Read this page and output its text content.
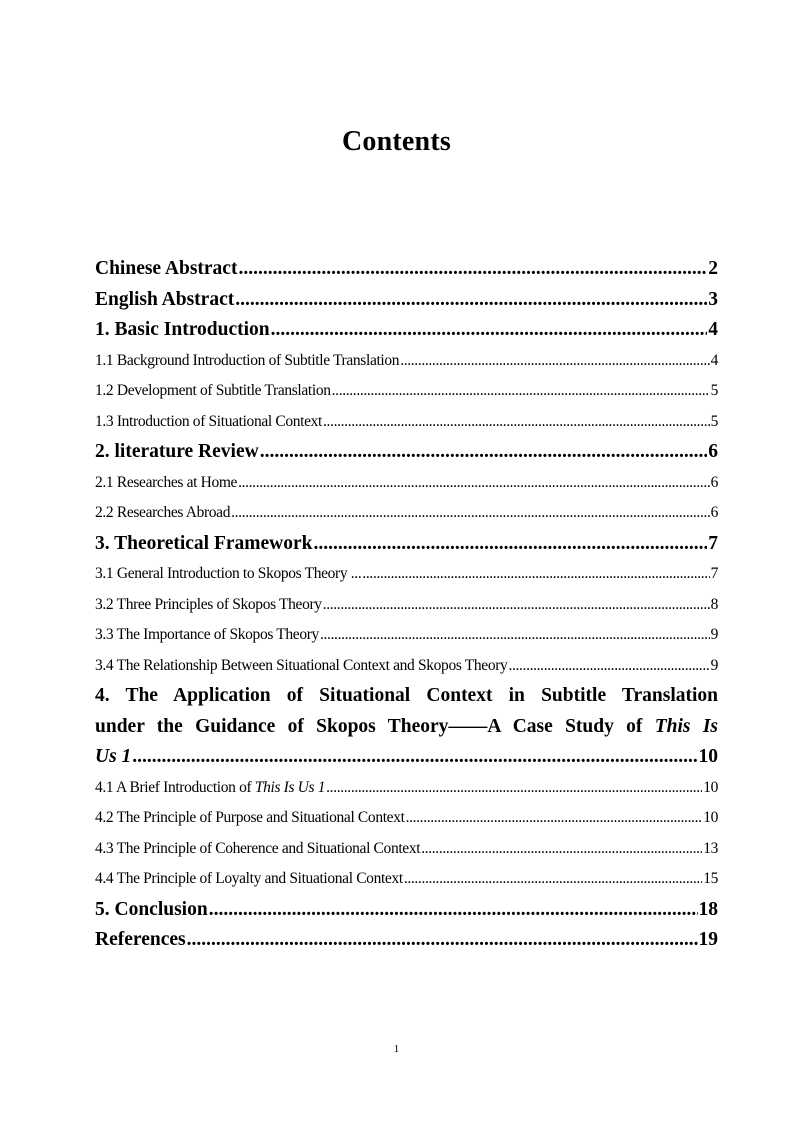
Contents
Chinese Abstract .....	2
English Abstract .....	3
1. Basic Introduction .....	4
1.1 Background Introduction of Subtitle Translation .....	4
1.2 Development of Subtitle Translation .....	5
1.3 Introduction of Situational Context .....	5
2. literature Review .....	6
2.1 Researches at Home .....	6
2.2 Researches Abroad .....	6
3. Theoretical Framework .....	7
3.1 General Introduction to Skopos Theory ... .....	7
3.2 Three Principles of Skopos Theory .....	8
3.3 The Importance of Skopos Theory .....	9
3.4 The Relationship Between Situational Context and Skopos Theory .....	9
4. The Application of Situational Context in Subtitle Translation
under the Guidance of Skopos Theory——A Case Study of This Is
Us 1 .....	10
4.1 A Brief Introduction of This Is Us 1 .....	10
4.2 The Principle of Purpose and Situational Context .....	10
4.3 The Principle of Coherence and Situational Context .....	13
4.4 The Principle of Loyalty and Situational Context .....	15
5. Conclusion .....	18
References .....	19
1
